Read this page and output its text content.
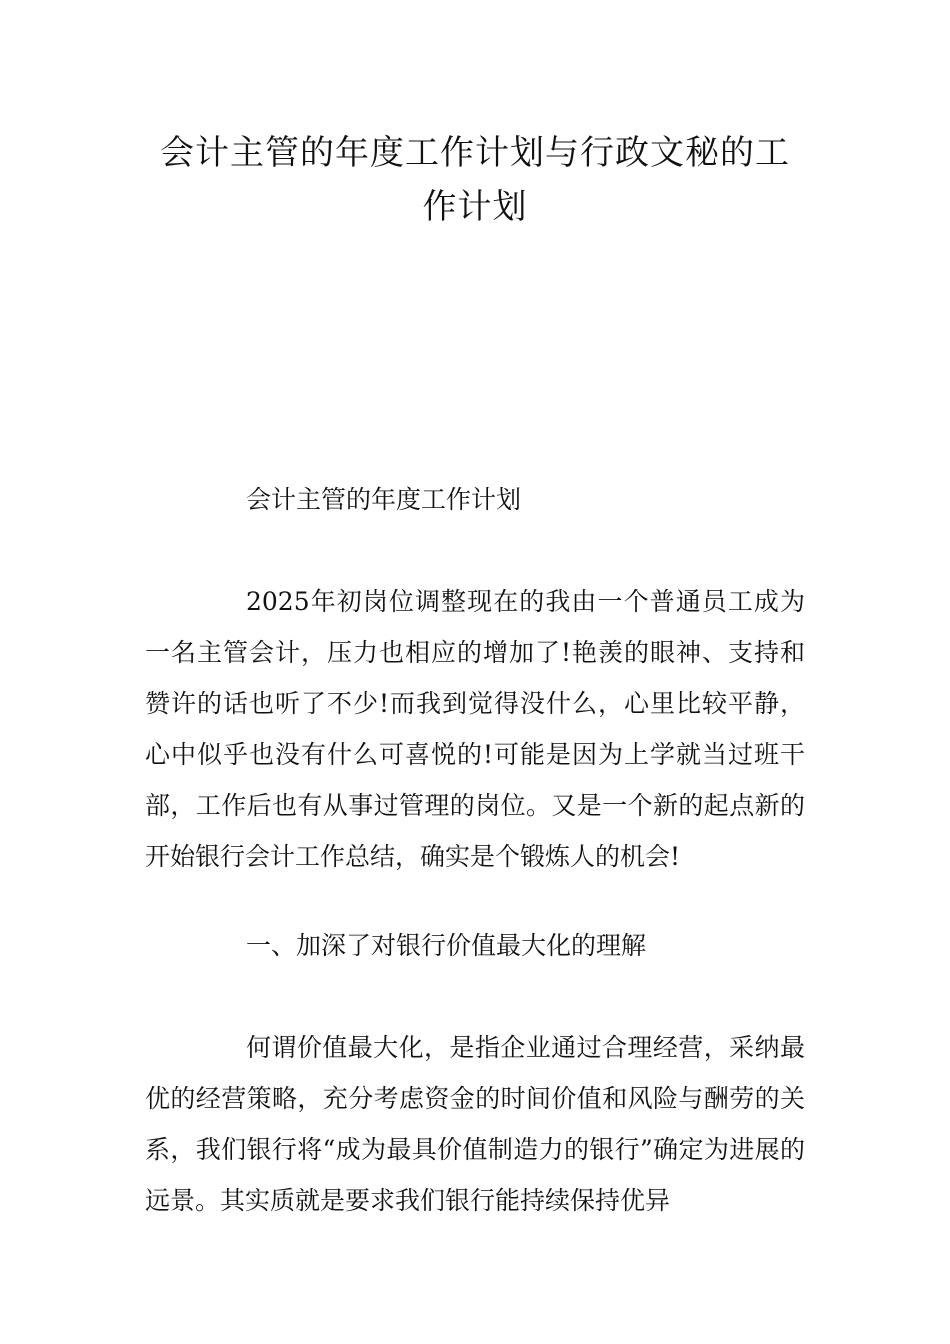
会计主管的年度工作计划与行政文秘的工作计划

会计主管的年度工作计划

2025年初岗位调整现在的我由一个普通员工成为一名主管会计，压力也相应的增加了!艳羡的眼神、支持和赞许的话也听了不少!而我到觉得没什么，心里比较平静，心中似乎也没有什么可喜悦的!可能是因为上学就当过班干部，工作后也有从事过管理的岗位。又是一个新的起点新的开始银行会计工作总结，确实是个锻炼人的机会!

一、加深了对银行价值最大化的理解

何谓价值最大化，是指企业通过合理经营，采纳最优的经营策略，充分考虑资金的时间价值和风险与酬劳的关系，我们银行将“成为最具价值制造力的银行”确定为进展的远景。其实质就是要求我们银行能持续保持优异
